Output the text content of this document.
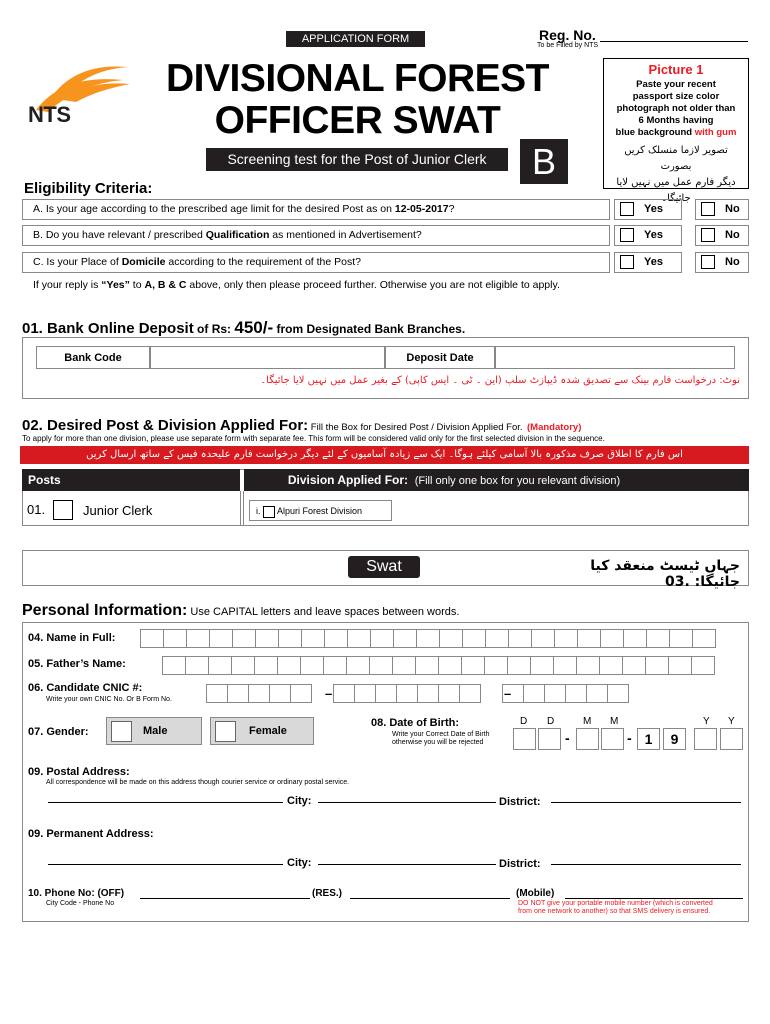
APPLICATION FORM	Reg. No.
To be Filled by NTS
NTS
DIVISIONAL FOREST
OFFICER SWAT
Screening test for the Post of Junior Clerk	B
Picture 1
Paste your recent
passport size color
photograph not older than
6 Months having
blue background with gum
تصویر لازما منسلک کریں بصورت
دیگر فارم عمل میں نہیں لایا جائیگا۔
Eligibility Criteria:
A. Is your age according to the prescribed age limit for the desired Post as on 12-05-2017?	Yes	No
B. Do you have relevant / prescribed Qualification as mentioned in Advertisement?	Yes	No
C. Is your Place of Domicile according to the requirement of the Post?	Yes	No
If your reply is “Yes” to A, B & C above, only then please proceed further. Otherwise you are not eligible to apply.
01. Bank Online Deposit of Rs: 450/- from Designated Bank Branches.
Bank Code	Deposit Date
نوٹ: درخواست فارم بینک سے تصدیق شدہ ڈیپازٹ سلپ (این ۔ ٹی ۔ ایس کاپی) کے بغیر عمل میں نہیں لایا جائیگا۔
02. Desired Post & Division Applied For: Fill the Box for Desired Post / Division Applied For. (Mandatory)
To apply for more than one division, please use separate form with separate fee. This form will be considered valid only for the first selected division in the sequence.
اس فارم کا اطلاق صرف مذکورہ بالا آسامی کیلئے ہوگا۔ ایک سے زیادہ آسامیوں کے لئے دیگر درخواست فارم علیحدہ فیس کے ساتھ ارسال کریں
Posts	Division Applied For: (Fill only one box for you relevant division)
01.	Junior Clerk	i. Alpuri Forest Division
Swat	جہاں ٹیسٹ منعقد کیا جائیگا: .03
Personal Information: Use CAPITAL letters and leave spaces between words.
04. Name in Full:
05. Father’s Name:
06. Candidate CNIC #:
Write your own CNIC No. Or B Form No.	–	–
07. Gender:	Male	Female
08. Date of Birth:
Write your Correct Date of Birth
otherwise you will be rejected
D D	M M	Y Y
-	- 1	9
09. Postal Address:
All correspondence will be made on this address though courier service or ordinary postal service.
City:	District:
09. Permanent Address:
City:	District:
10. Phone No: (OFF)
City Code - Phone No
(RES.)	(Mobile)
DO NOT give your portable mobile number (which is converted
from one network to another) so that SMS delivery is ensured.
